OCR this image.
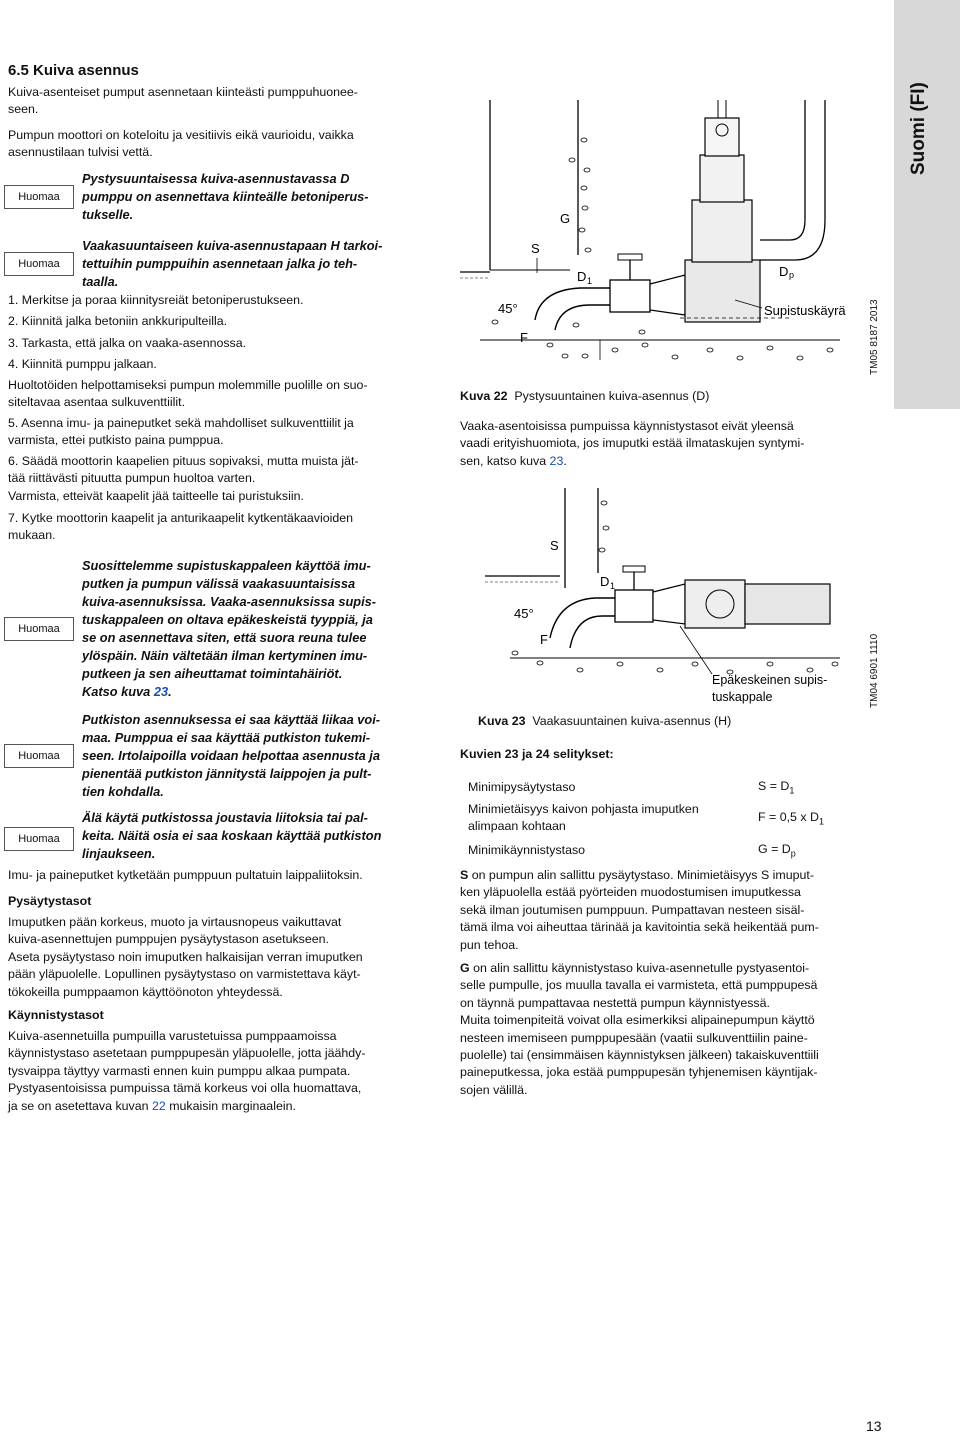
Suomi (FI)
6.5 Kuiva asennus
Kuiva-asenteiset pumput asennetaan kiinteästi pumppuhuonee-
seen.
Pumpun moottori on koteloitu ja vesitiivis eikä vaurioidu, vaikka
asennustilaan tulvisi vettä.
Huomaa
Pystysuuntaisessa kuiva-asennustavassa D
pumppu on asennettava kiinteälle betoniperus-
tukselle.
Huomaa
Vaakasuuntaiseen kuiva-asennustapaan H tarkoi-
tettuihin pumppuihin asennetaan jalka jo teh-
taalla.
1. Merkitse ja poraa kiinnitysreiät betoniperustukseen.
2. Kiinnitä jalka betoniin ankkuripulteilla.
3. Tarkasta, että jalka on vaaka-asennossa.
4. Kiinnitä pumppu jalkaan.
Huoltotöiden helpottamiseksi pumpun molemmille puolille on suo-
siteltavaa asentaa sulkuventtiilit.
5. Asenna imu- ja paineputket sekä mahdolliset sulkuventtiilit ja
varmista, ettei putkisto paina pumppua.
6. Säädä moottorin kaapelien pituus sopivaksi, mutta muista jät-
tää riittävästi pituutta pumpun huoltoa varten.
Varmista, etteivät kaapelit jää taitteelle tai puristuksiin.
7. Kytke moottorin kaapelit ja anturikaapelit kytkentäkaavioiden
mukaan.
Huomaa
Suosittelemme supistuskappaleen käyttöä imu-
putken ja pumpun välissä vaakasuuntaisissa
kuiva-asennuksissa. Vaaka-asennuksissa supis-
tuskappaleen on oltava epäkeskeistä tyyppiä, ja
se on asennettava siten, että suora reuna tulee
ylöspäin. Näin vältetään ilman kertyminen imu-
putkeen ja sen aiheuttamat toimintahäiriöt.
Katso kuva 23.
Huomaa
Putkiston asennuksessa ei saa käyttää liikaa voi-
maa. Pumppua ei saa käyttää putkiston tukemi-
seen. Irtolaipoilla voidaan helpottaa asennusta ja
pienentää putkiston jännitystä laippojen ja pult-
tien kohdalla.
Huomaa
Älä käytä putkistossa joustavia liitoksia tai pal-
keita. Näitä osia ei saa koskaan käyttää putkiston
linjaukseen.
Imu- ja paineputket kytketään pumppuun pultatuin laippaliitoksin.
Pysäytystasot
Imuputken pään korkeus, muoto ja virtausnopeus vaikuttavat
kuiva-asennettujen pumppujen pysäytystason asetukseen.
Aseta pysäytystaso noin imuputken halkaisijan verran imuputken
pään yläpuolelle. Lopullinen pysäytystaso on varmistettava käyt-
tökokeilla pumppaamon käyttöönoton yhteydessä.
Käynnistystasot
Kuiva-asennetuilla pumpuilla varustetuissa pumppaamoissa
käynnistystaso asetetaan pumppupesän yläpuolelle, jotta jäähdy-
tysvaippa täyttyy varmasti ennen kuin pumppu alkaa pumpata.
Pystyasentoisissa pumpuissa tämä korkeus voi olla huomattava,
ja se on asetettava kuvan 22 mukaisin marginaalein.
G
S
D 1
D p
45°
F
Supistuskäyrä TM05 8187 2013
Kuva 22 Pystysuuntainen kuiva-asennus (D)
Vaaka-asentoisissa pumpuissa käynnistystasot eivät yleensä
vaadi erityishuomiota, jos imuputki estää ilmataskujen syntymi-
sen, katso kuva 23.
S
D 1
45°
F
Epäkeskeinen supis-
tuskappale	TM04 6901 1110
Kuva 23 Vaakasuuntainen kuiva-asennus (H)
Kuvien 23 ja 24 selitykset:
Minimipysäytystaso	$S = D_1$

Minimietäisyys kaivon pohjasta imuputken
alimpaan kohtaan	F = 0,5 x $D_1$
Minimikäynnistystaso	$G = D_p$
S on pumpun alin sallittu pysäytystaso. Minimietäisyys S imuput-
ken yläpuolella estää pyörteiden muodostumisen imuputkessa
sekä ilman joutumisen pumppuun. Pumpattavan nesteen sisäl-
tämä ilma voi aiheuttaa tärinää ja kavitointia sekä heikentää pum-
pun tehoa.
G on alin sallittu käynnistystaso kuiva-asennetulle pystyasentoi-
selle pumpulle, jos muulla tavalla ei varmisteta, että pumppupesä
on täynnä pumpattavaa nestettä pumpun käynnistyessä.
Muita toimenpiteitä voivat olla esimerkiksi alipainepumpun käyttö
nesteen imemiseen pumppupesään (vaatii sulkuventtiilin paine-
puolelle) tai (ensimmäisen käynnistyksen jälkeen) takaiskuventtiili
paineputkessa, joka estää pumppupesän tyhjenemisen käyntijak-
sojen välillä.
13
